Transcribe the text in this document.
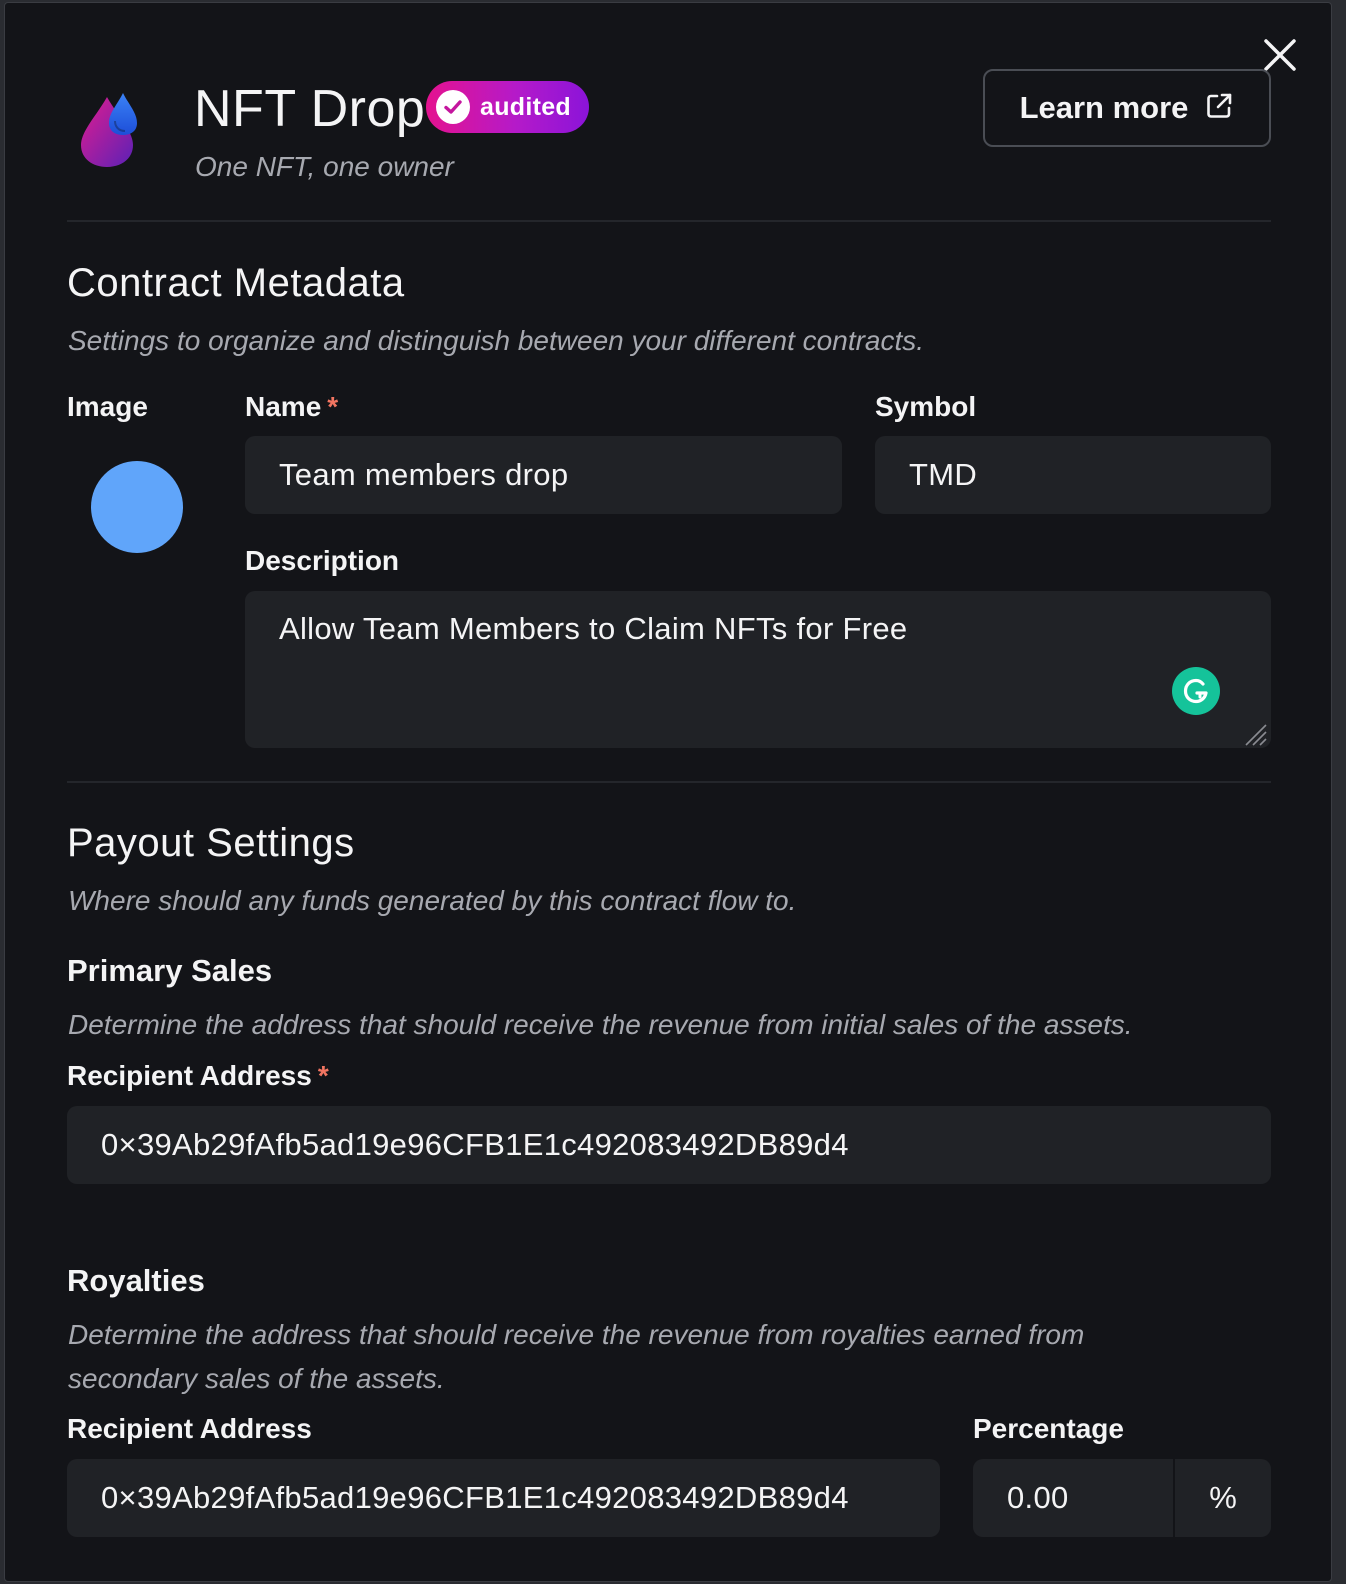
NFT Drop audited
One NFT, one owner
Learn more
Contract Metadata
Settings to organize and distinguish between your different contracts.
Image	Name *
Team members drop
Symbol
TMD
Description
Allow Team Members to Claim NFTs for Free
Payout Settings
Where should any funds generated by this contract flow to.
Primary Sales
Determine the address that should receive the revenue from initial sales of the assets.
Recipient Address *
0×39Ab29fAfb5ad19e96CFB1E1c492083492DB89d4
Royalties
Determine the address that should receive the revenue from royalties earned from
secondary sales of the assets.
Recipient Address
0×39Ab29fAfb5ad19e96CFB1E1c492083492DB89d4
Percentage
0.00	%
